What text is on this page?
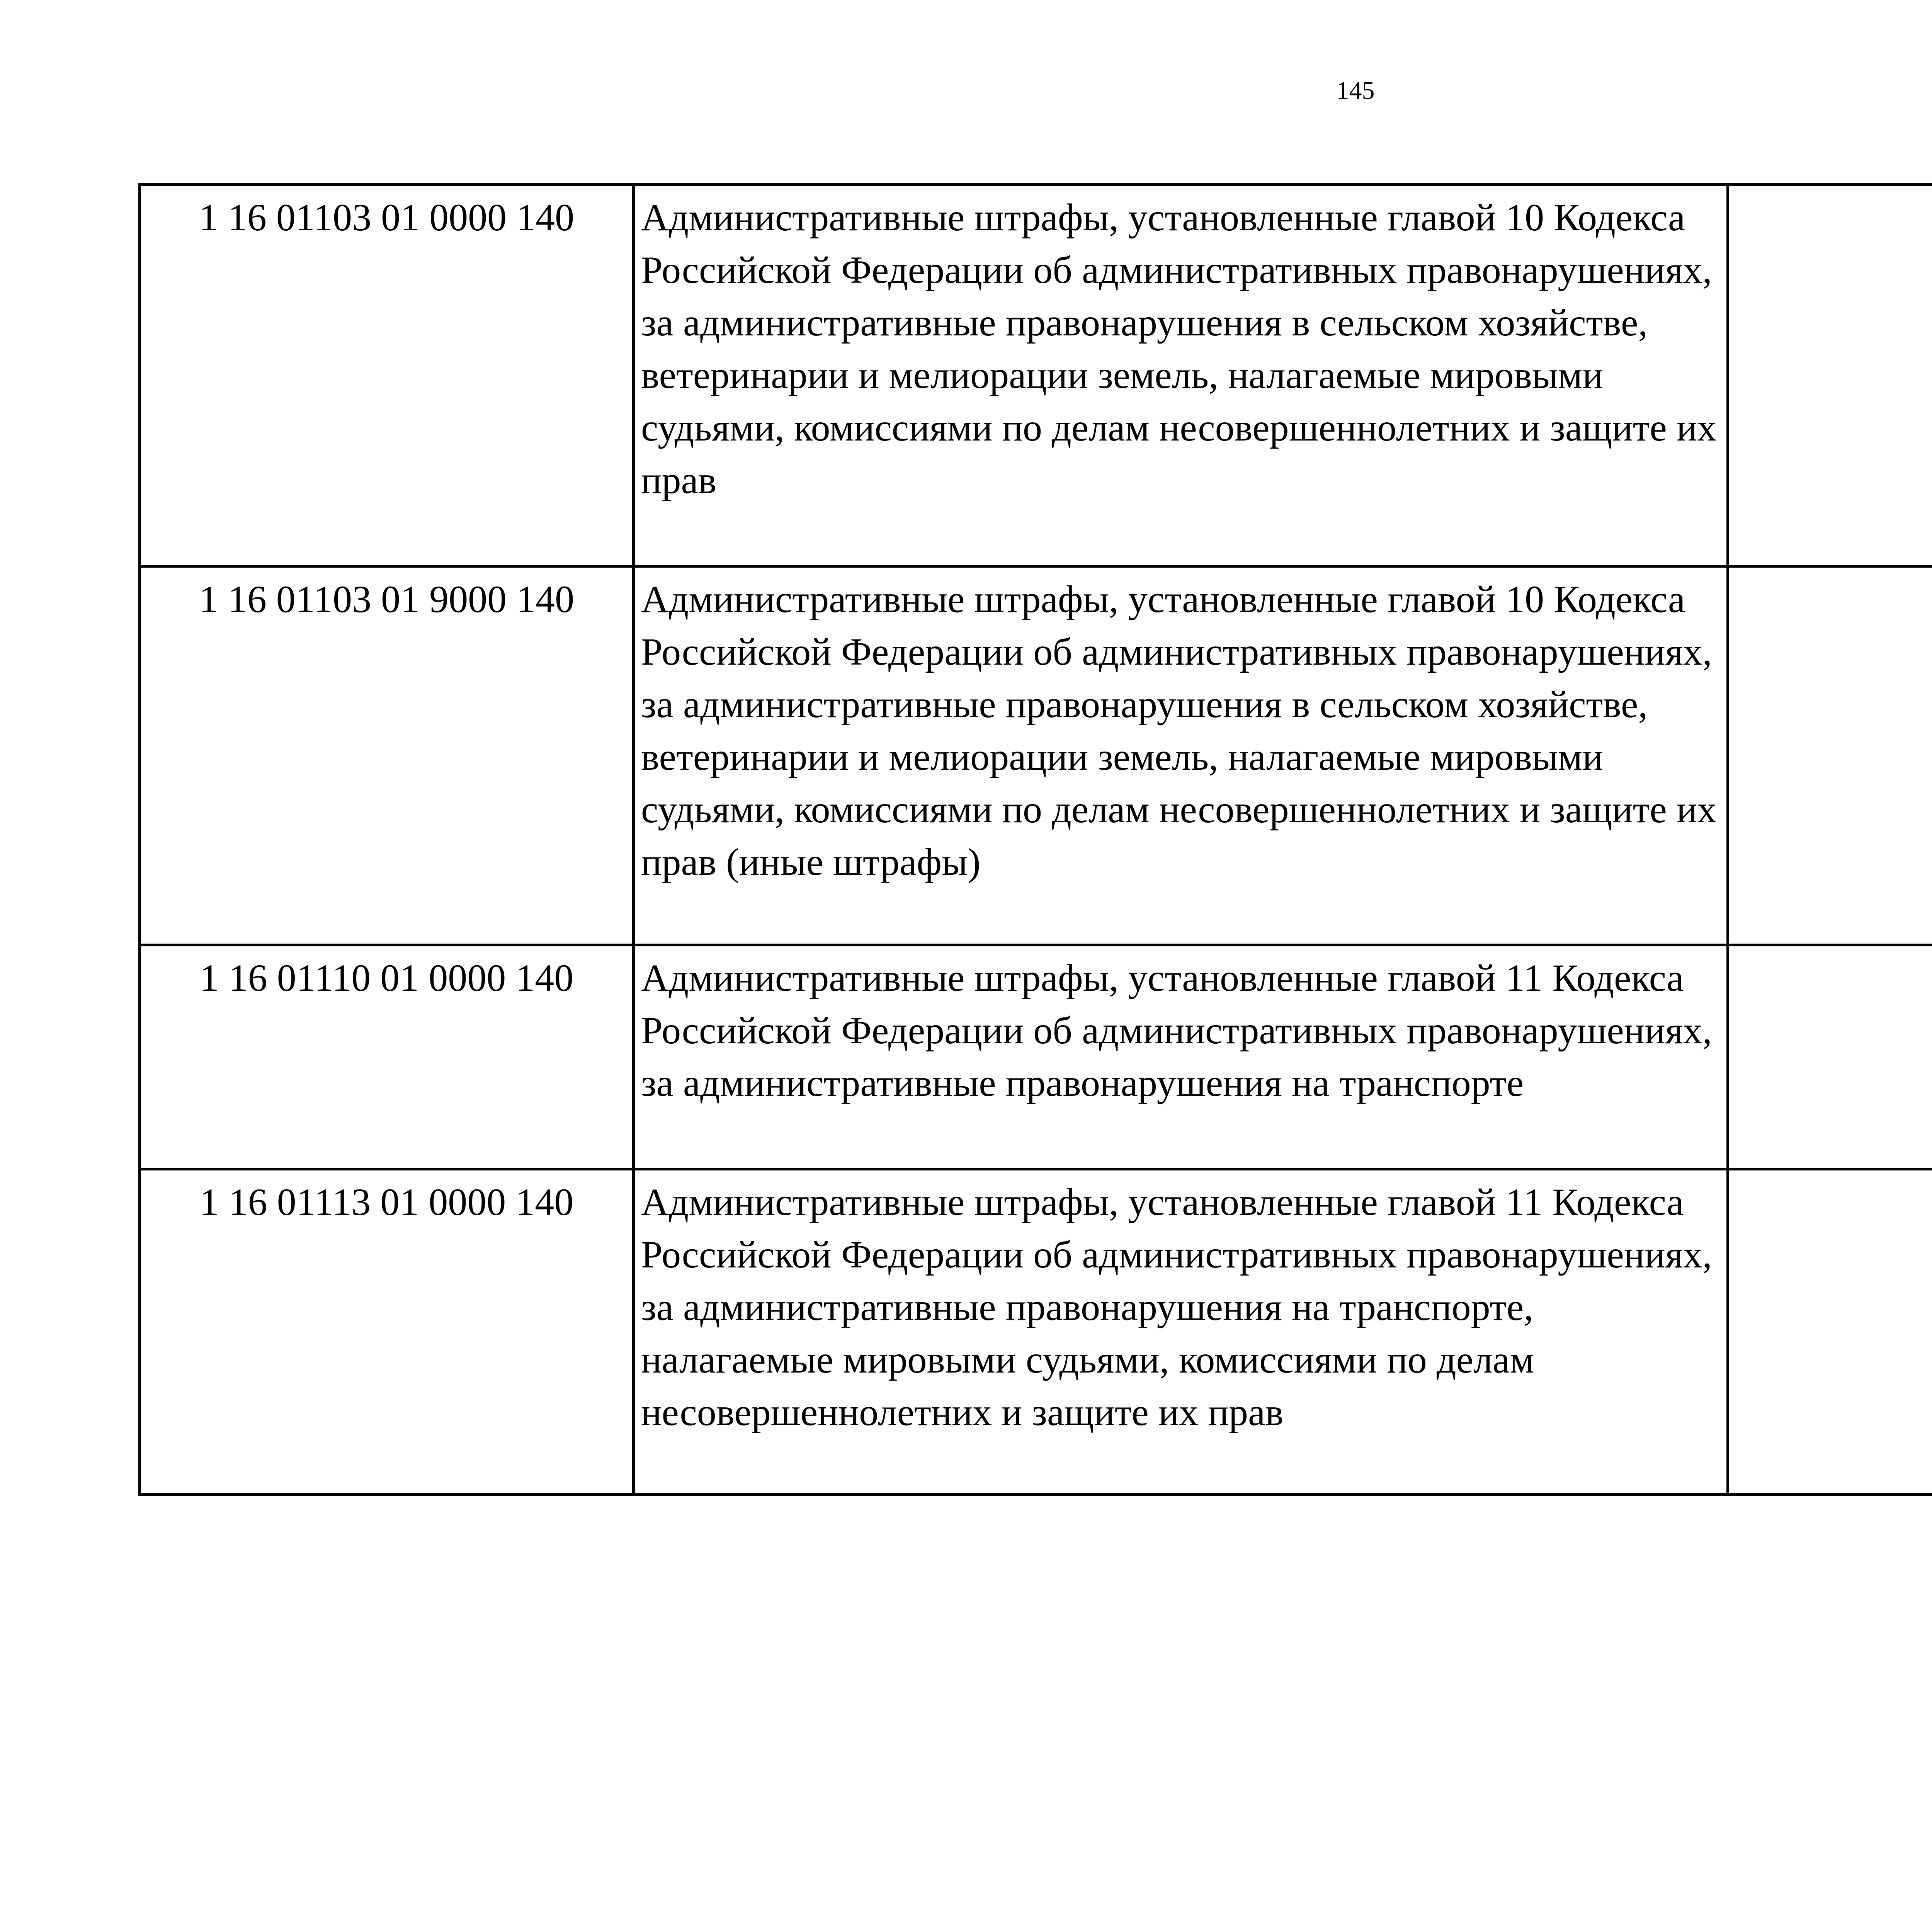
145
1 16 01103 01 0000 140	Административные штрафы, установленные главой 10 Кодекса Российской Федерации об административных правонарушениях, за административные правонарушения в сельском хозяйстве, ветеринарии и мелиорации земель, налагаемые мировыми судьями, комиссиями по делам несовершеннолетних и защите их прав			
1 16 01103 01 9000 140	Административные штрафы, установленные главой 10 Кодекса Российской Федерации об административных правонарушениях, за административные правонарушения в сельском хозяйстве, ветеринарии и мелиорации земель, налагаемые мировыми судьями, комиссиями по делам несовершеннолетних и защите их прав (иные штрафы)			
1 16 01110 01 0000 140	Административные штрафы, установленные главой 11 Кодекса Российской Федерации об административных правонарушениях, за административные правонарушения на транспорте			
1 16 01113 01 0000 140	Административные штрафы, установленные главой 11 Кодекса Российской Федерации об административных правонарушениях, за административные правонарушения на транспорте, налагаемые мировыми судьями, комиссиями по делам несовершеннолетних и защите их прав			
